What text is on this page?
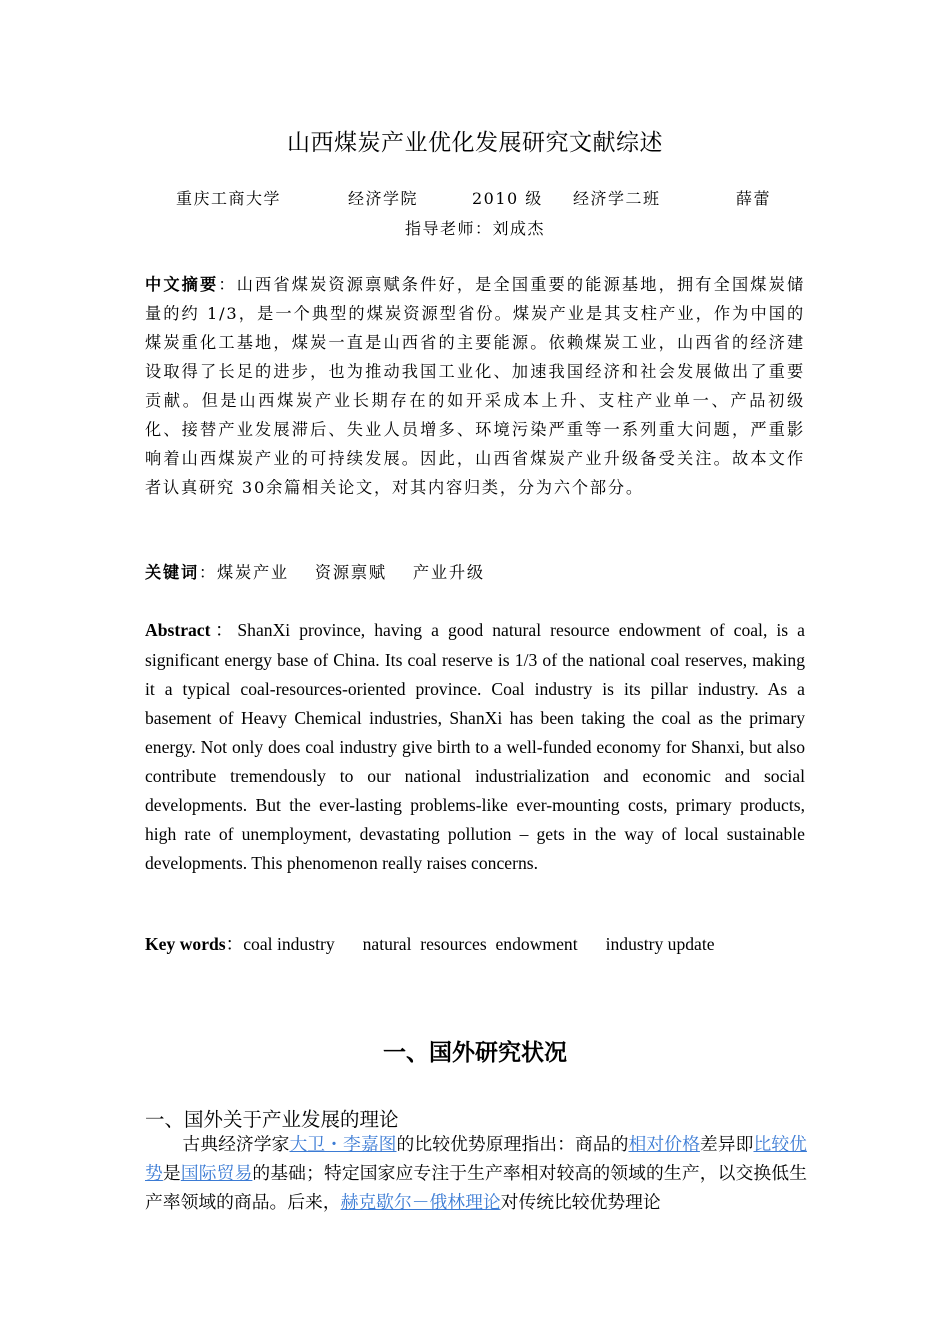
山西煤炭产业优化发展研究文献综述
重庆工商大学	经济学院	2010 级 经济学二班	薛蕾
指导老师：刘成杰
中文摘要：山西省煤炭资源禀赋条件好，是全国重要的能源基地，拥有全国煤炭储量的约 1/3，是一个典型的煤炭资源型省份。煤炭产业是其支柱产业，作为中国的煤炭重化工基地，煤炭一直是山西省的主要能源。依赖煤炭工业，山西省的经济建设取得了长足的进步，也为推动我国工业化、加速我国经济和社会发展做出了重要贡献。但是山西煤炭产业长期存在的如开采成本上升、支柱产业单一、产品初级化、接替产业发展滞后、失业人员增多、环境污染严重等一系列重大问题，严重影响着山西煤炭产业的可持续发展。因此，山西省煤炭产业升级备受关注。故本文作者认真研究 30余篇相关论文，对其内容归类，分为六个部分。
关键词：煤炭产业 资源禀赋 产业升级
Abstract：ShanXi province, having a good natural resource endowment of coal, is a significant energy base of China. Its coal reserve is 1/3 of the national coal reserves, making it a typical coal-resources-oriented province. Coal industry is its pillar industry. As a basement of Heavy Chemical industries, ShanXi has been taking the coal as the primary energy. Not only does coal industry give birth to a well-funded economy for Shanxi, but also contribute tremendously to our national industrialization and economic and social developments. But the ever-lasting problems-like ever-mounting costs, primary products, high rate of unemployment, devastating pollution – gets in the way of local sustainable developments. This phenomenon really raises concerns.
Key words：coal industry natural  resources  endowment industry update
一、国外研究状况
一、国外关于产业发展的理论
古典经济学家大卫・李嘉图的比较优势原理指出：商品的相对价格差异即比较优势是国际贸易的基础；特定国家应专注于生产率相对较高的领域的生产，以交换低生产率领域的商品。后来，赫克歇尔－俄林理论对传统比较优势理论
